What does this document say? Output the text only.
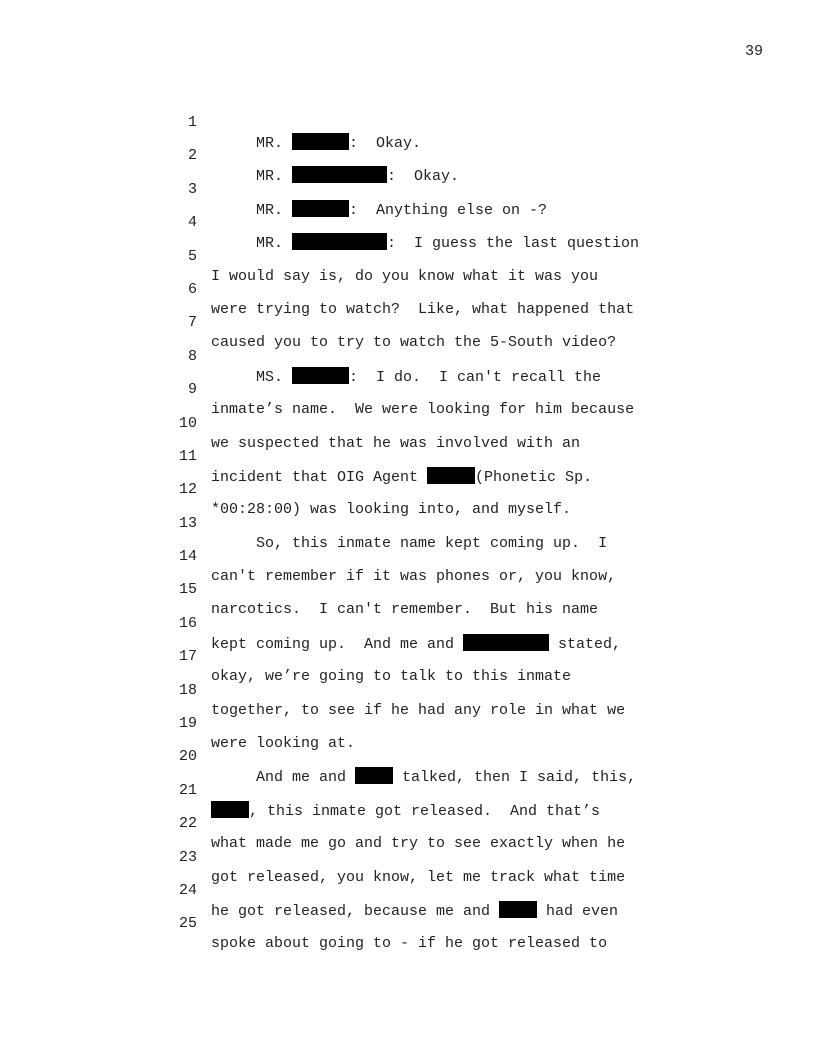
39

1

MR.	:  Okay.

2

MR.	:  Okay.

3

MR.	:  Anything else on -?

4

MR.	:  I guess the last question

5

I would say is, do you know what it was you

6

were trying to watch?  Like, what happened that

7

caused you to try to watch the 5-South video?

8

MS.	:  I do.  I can't recall the

9

inmate’s name.  We were looking for him because

10

we suspected that he was involved with an

11

incident that OIG Agent	(Phonetic Sp.

12

*00:28:00) was looking into, and myself.

13

So, this inmate name kept coming up.  I

14

can't remember if it was phones or, you know,

15

narcotics.  I can't remember.  But his name

16

kept coming up.  And me and	stated,

17

okay, we’re going to talk to this inmate

18

together, to see if he had any role in what we

19

were looking at.

20

And me and	talked, then I said, this,

21

, this inmate got released.  And that’s

22

what made me go and try to see exactly when he

23

got released, you know, let me track what time

24

he got released, because me and	had even

25

spoke about going to - if he got released to
